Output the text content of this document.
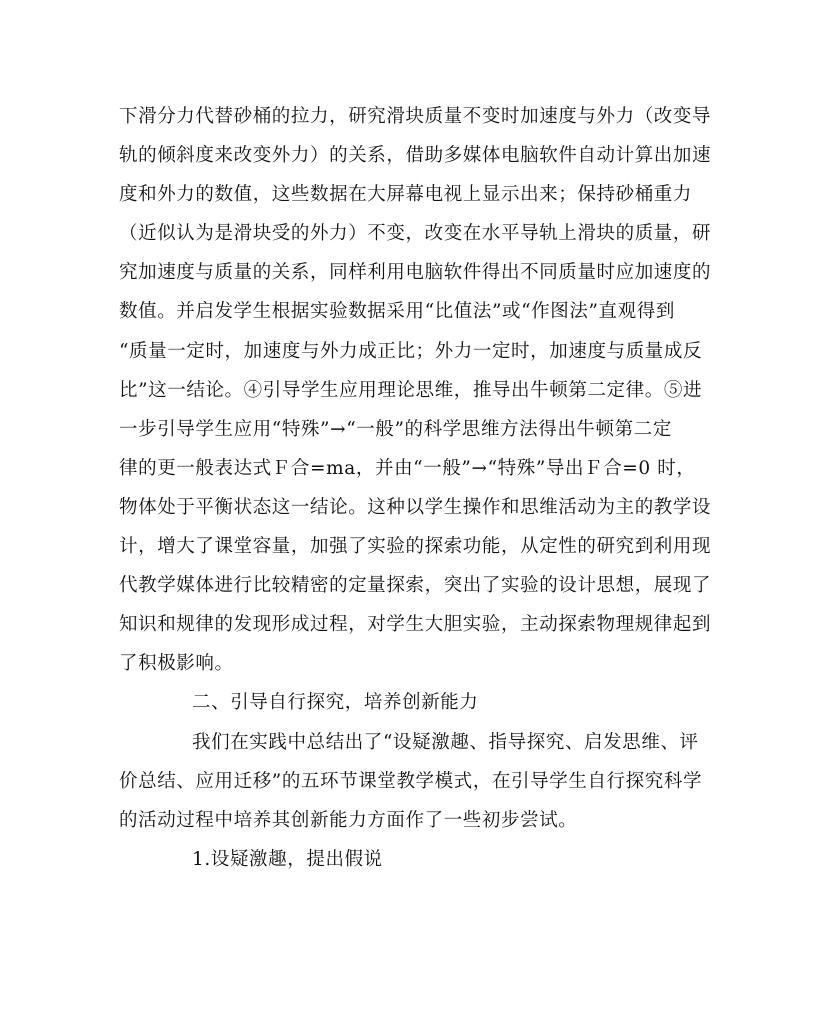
下滑分力代替砂桶的拉力，研究滑块质量不变时加速度与外力（改变导
轨的倾斜度来改变外力）的关系，借助多媒体电脑软件自动计算出加速
度和外力的数值，这些数据在大屏幕电视上显示出来；保持砂桶重力
（近似认为是滑块受的外力）不变，改变在水平导轨上滑块的质量，研
究加速度与质量的关系，同样利用电脑软件得出不同质量时应加速度的
数值。并启发学生根据实验数据采用“比值法”或“作图法”直观得到
“质量一定时，加速度与外力成正比；外力一定时，加速度与质量成反
比”这一结论。④引导学生应用理论思维，推导出牛顿第二定律。⑤进
一步引导学生应用“特殊”→“一般”的科学思维方法得出牛顿第二定
律的更一般表达式Ｆ合=ma，并由“一般”→“特殊”导出Ｆ合=0 时，
物体处于平衡状态这一结论。这种以学生操作和思维活动为主的教学设
计，增大了课堂容量，加强了实验的探索功能，从定性的研究到利用现
代教学媒体进行比较精密的定量探索，突出了实验的设计思想，展现了
知识和规律的发现形成过程，对学生大胆实验，主动探索物理规律起到
了积极影响。
二、引导自行探究，培养创新能力
我们在实践中总结出了“设疑激趣、指导探究、启发思维、评
价总结、应用迁移”的五环节课堂教学模式，在引导学生自行探究科学
的活动过程中培养其创新能力方面作了一些初步尝试。
1.设疑激趣，提出假说
